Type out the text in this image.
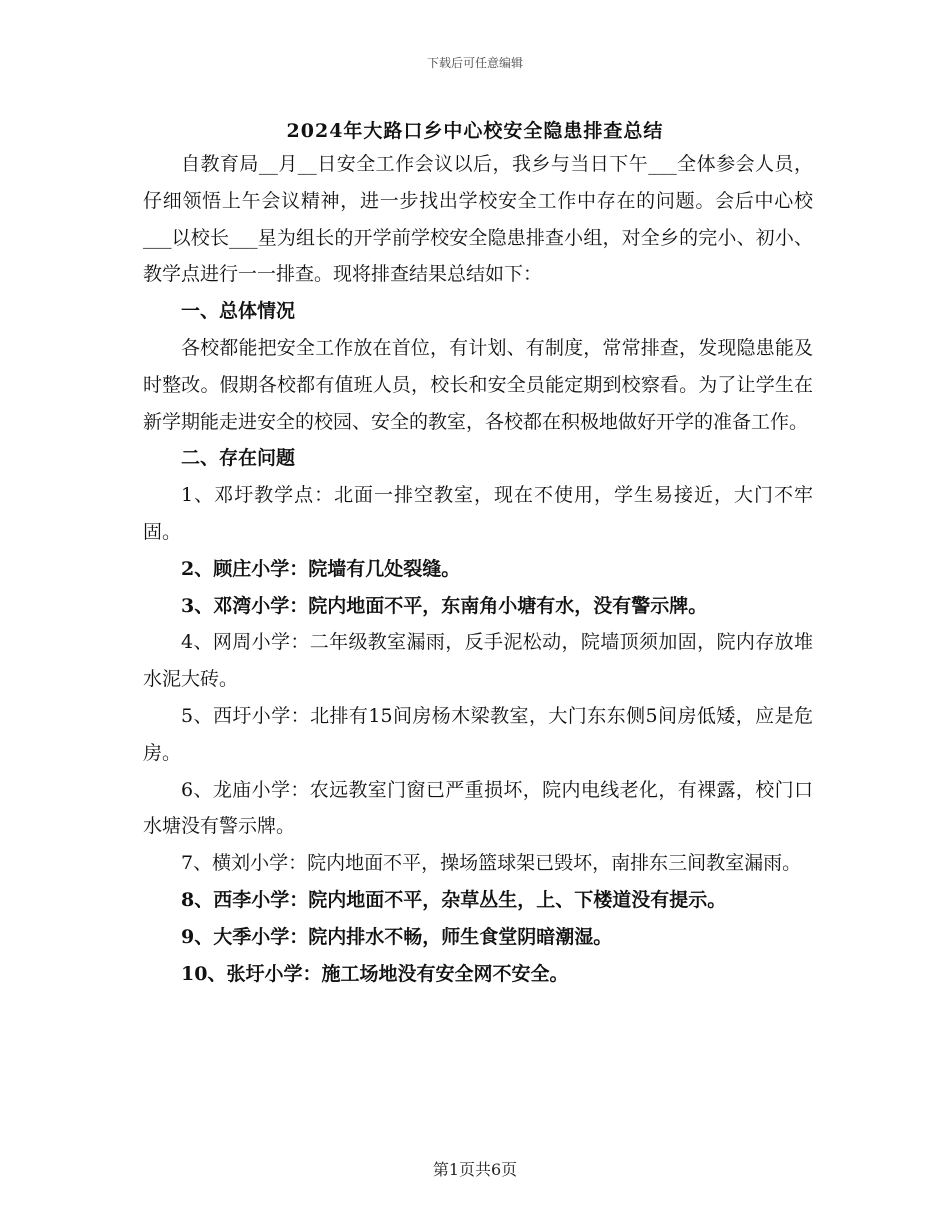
下载后可任意编辑
2024年大路口乡中心校安全隐患排查总结

自教育局__月__日安全工作会议以后，我乡与当日下午___全体参会人员，仔细领悟上午会议精神，进一步找出学校安全工作中存在的问题。会后中心校___以校长___星为组长的开学前学校安全隐患排查小组，对全乡的完小、初小、教学点进行一一排查。现将排查结果总结如下：

一、总体情况

各校都能把安全工作放在首位，有计划、有制度，常常排查，发现隐患能及时整改。假期各校都有值班人员，校长和安全员能定期到校察看。为了让学生在新学期能走进安全的校园、安全的教室，各校都在积极地做好开学的准备工作。

二、存在问题

1、邓圩教学点：北面一排空教室，现在不使用，学生易接近，大门不牢固。

2、顾庄小学：院墙有几处裂缝。

3、邓湾小学：院内地面不平，东南角小塘有水，没有警示牌。

4、网周小学：二年级教室漏雨，反手泥松动，院墙顶须加固，院内存放堆水泥大砖。

5、西圩小学：北排有15间房杨木梁教室，大门东东侧5间房低矮，应是危房。

6、龙庙小学：农远教室门窗已严重损坏，院内电线老化，有裸露，校门口水塘没有警示牌。

7、横刘小学：院内地面不平，操场篮球架已毁坏，南排东三间教室漏雨。

8、西李小学：院内地面不平，杂草丛生，上、下楼道没有提示。

9、大季小学：院内排水不畅，师生食堂阴暗潮湿。

10、张圩小学：施工场地没有安全网不安全。

第1页共6页
